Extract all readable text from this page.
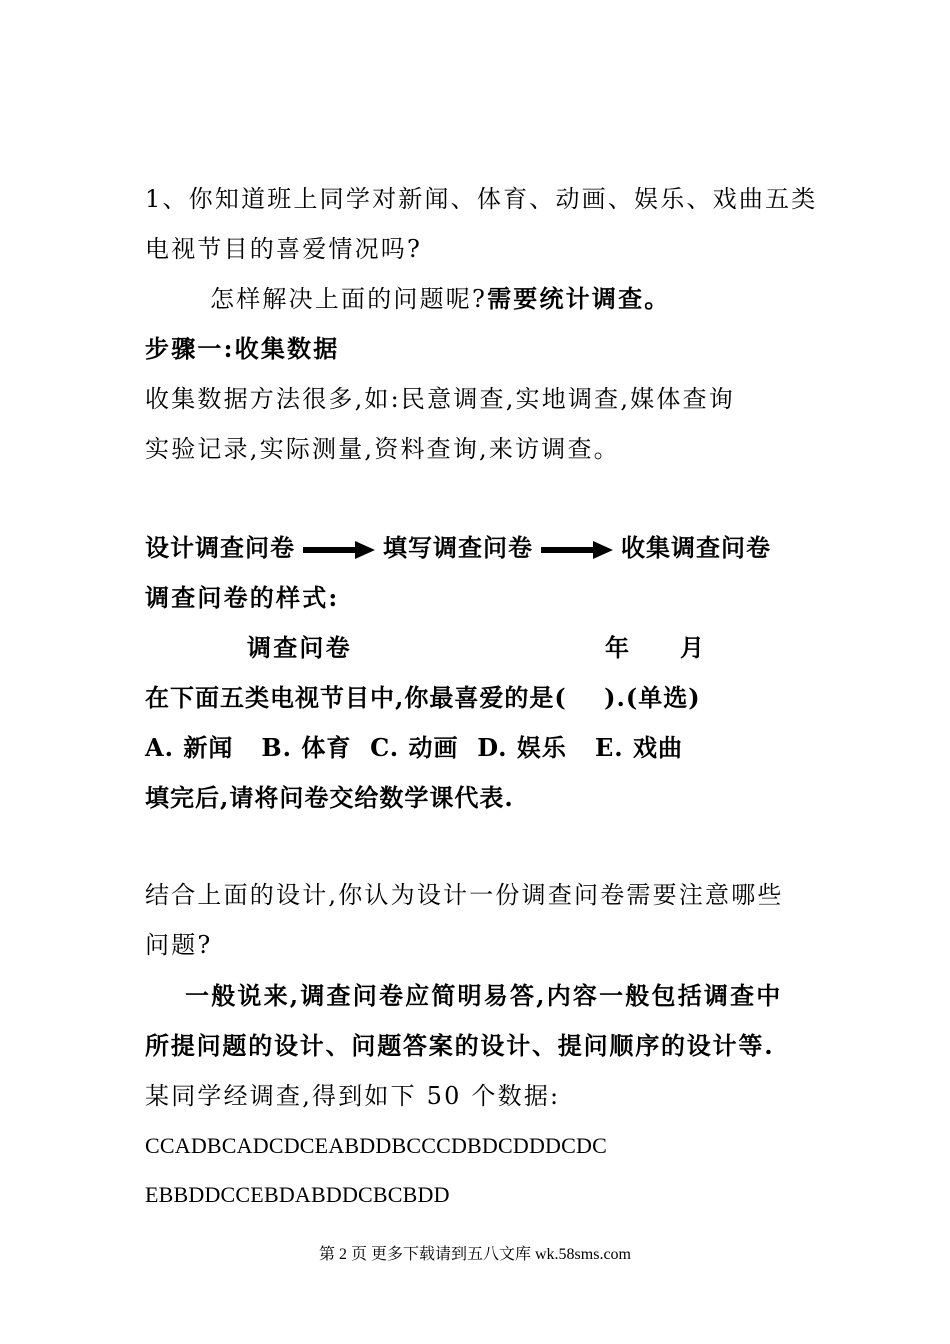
1、你知道班上同学对新闻、体育、动画、娱乐、戏曲五类
电视节目的喜爱情况吗?
怎样解决上面的问题呢?需要统计调查。
步骤一:收集数据
收集数据方法很多,如:民意调查,实地调查,媒体查询
实验记录,实际测量,资料查询,来访调查。
设计调查问卷	填写调查问卷	收集调查问卷
调查问卷的样式:
调查问卷	年 月
在下面五类电视节目中,你最喜爱的是(    ).(单选)
A. 新闻   B. 体育  C. 动画  D. 娱乐   E. 戏曲
填完后,请将问卷交给数学课代表.
结合上面的设计,你认为设计一份调查问卷需要注意哪些
问题?
一般说来,调查问卷应简明易答,内容一般包括调查中
所提问题的设计、问题答案的设计、提问顺序的设计等.
某同学经调查,得到如下 50 个数据:
CCADBCADCDCEABDDBCCCDBDCDDDCDC
EBBDDCCEBDABDDCBCBDD
第 2 页 更多下载请到五八文库 wk.58sms.com
